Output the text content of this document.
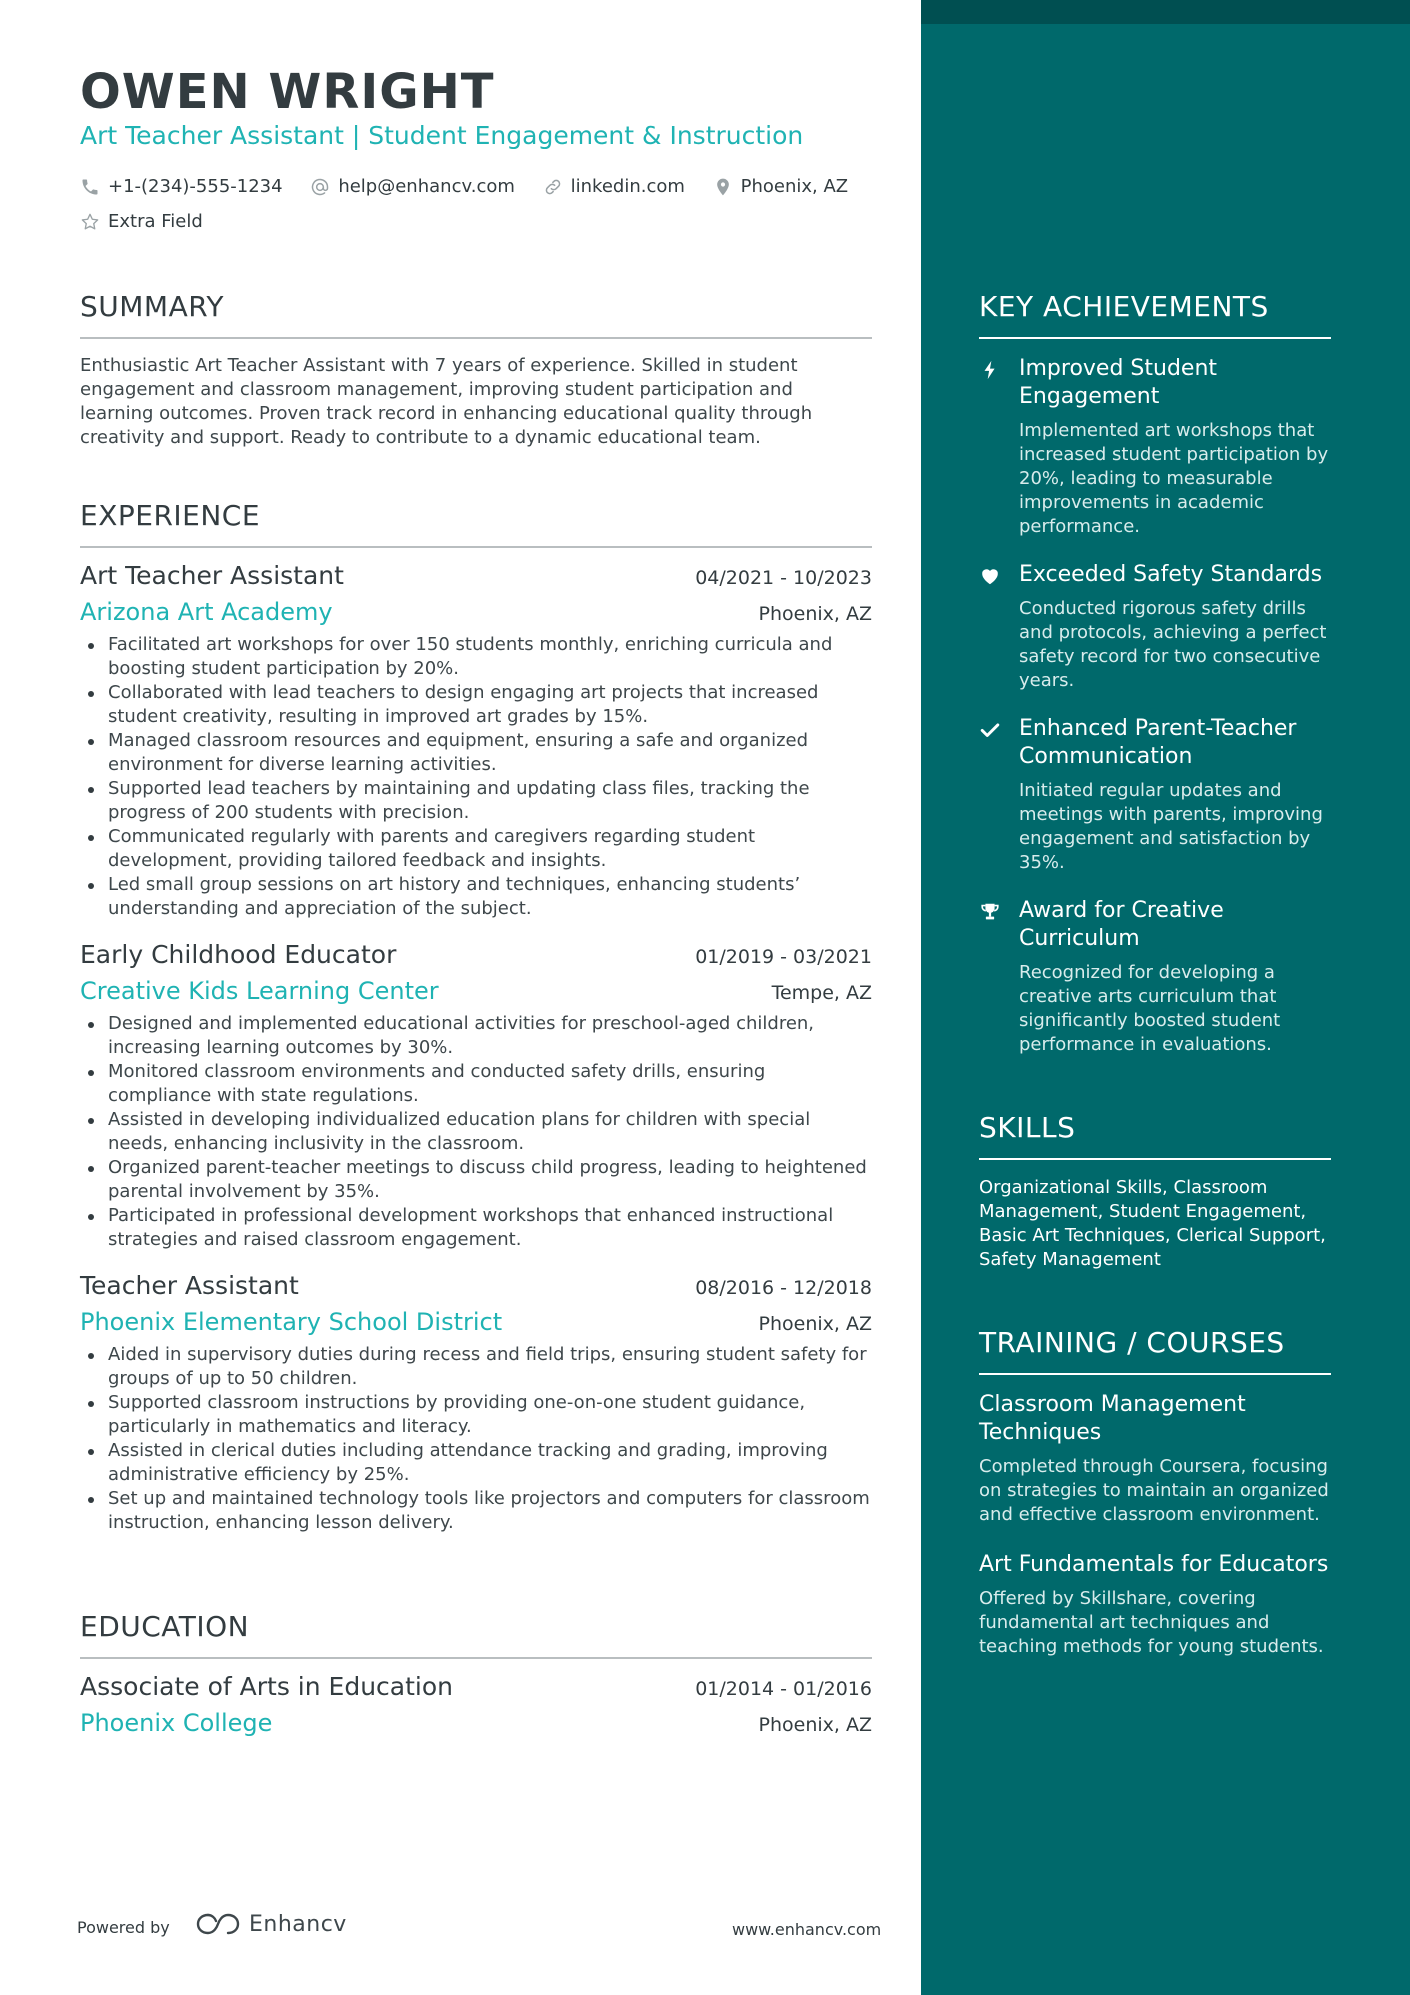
OWEN WRIGHT
Art Teacher Assistant | Student Engagement & Instruction
+1-(234)-555-1234
	help@enhancv.com
	linkedin.com
	Phoenix, AZ

Extra Field
SUMMARY
Enthusiastic Art Teacher Assistant with 7 years of experience. Skilled in student engagement and classroom management, improving student participation and learning outcomes. Proven track record in enhancing educational quality through creativity and support. Ready to contribute to a dynamic educational team.
EXPERIENCE
Art Teacher Assistant	04/2021 - 10/2023
Arizona Art Academy	Phoenix, AZ
Facilitated art workshops for over 150 students monthly, enriching curricula and boosting student participation by 20%.
Collaborated with lead teachers to design engaging art projects that increased student creativity, resulting in improved art grades by 15%.
Managed classroom resources and equipment, ensuring a safe and organized environment for diverse learning activities.
Supported lead teachers by maintaining and updating class files, tracking the progress of 200 students with precision.
Communicated regularly with parents and caregivers regarding student development, providing tailored feedback and insights.
Led small group sessions on art history and techniques, enhancing students’ understanding and appreciation of the subject.
Early Childhood Educator	01/2019 - 03/2021
Creative Kids Learning Center	Tempe, AZ
Designed and implemented educational activities for preschool-aged children, increasing learning outcomes by 30%.
Monitored classroom environments and conducted safety drills, ensuring compliance with state regulations.
Assisted in developing individualized education plans for children with special needs, enhancing inclusivity in the classroom.
Organized parent-teacher meetings to discuss child progress, leading to heightened parental involvement by 35%.
Participated in professional development workshops that enhanced instructional strategies and raised classroom engagement.
Teacher Assistant	08/2016 - 12/2018
Phoenix Elementary School District	Phoenix, AZ
Aided in supervisory duties during recess and field trips, ensuring student safety for groups of up to 50 children.
Supported classroom instructions by providing one-on-one student guidance, particularly in mathematics and literacy.
Assisted in clerical duties including attendance tracking and grading, improving administrative efficiency by 25%.
Set up and maintained technology tools like projectors and computers for classroom instruction, enhancing lesson delivery.
EDUCATION
Associate of Arts in Education	01/2014 - 01/2016
Phoenix College	Phoenix, AZ
Powered by	Enhancv	www.enhancv.com
KEY ACHIEVEMENTS
Improved Student Engagement
Implemented art workshops that increased student participation by 20%, leading to measurable improvements in academic performance.
Exceeded Safety Standards
Conducted rigorous safety drills and protocols, achieving a perfect safety record for two consecutive years.
Enhanced Parent-Teacher Communication
Initiated regular updates and meetings with parents, improving engagement and satisfaction by 35%.
Award for Creative Curriculum
Recognized for developing a creative arts curriculum that significantly boosted student performance in evaluations.
SKILLS
Organizational Skills, Classroom Management, Student Engagement, Basic Art Techniques, Clerical Support, Safety Management
TRAINING / COURSES
Classroom Management Techniques
Completed through Coursera, focusing on strategies to maintain an organized and effective classroom environment.
Art Fundamentals for Educators
Offered by Skillshare, covering fundamental art techniques and teaching methods for young students.
